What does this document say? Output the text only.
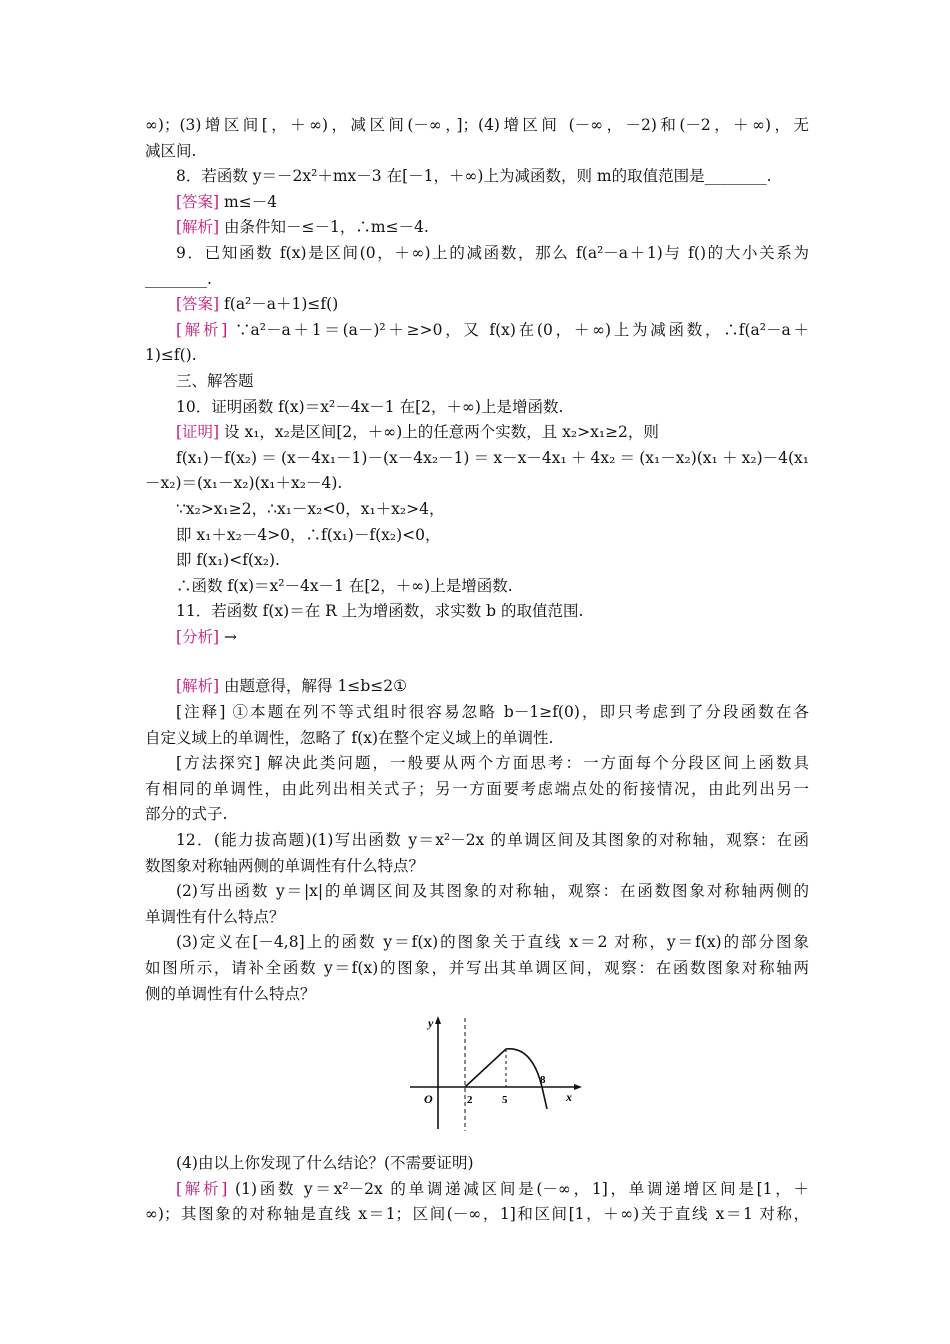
∞)；(3)增区间[，＋∞)，减区间(－∞，]；(4)增区间 (－∞，－2)和(－2，＋∞)，无
减区间.
8．若函数 y＝－2x²＋mx－3 在[－1，＋∞)上为减函数，则 m的取值范围是________.
[答案] m≤－4
[解析] 由条件知－≤－1，∴m≤－4.
9．已知函数 f(x)是区间(0，＋∞)上的减函数，那么 f(a²－a＋1)与 f()的大小关系为
________.
[答案] f(a²－a＋1)≤f()
[解析] ∵a²－a＋1＝(a－)²＋≥>0，又 f(x)在(0，＋∞)上为减函数，∴f(a²－a＋
1)≤f().
三、解答题
10．证明函数 f(x)＝x²－4x－1 在[2，＋∞)上是增函数.
[证明] 设 x₁，x₂是区间[2，＋∞)上的任意两个实数，且 x₂>x₁≥2，则
f(x₁)－f(x₂)＝(x－4x₁－1)－(x－4x₂－1)＝x－x－4x₁＋4x₂＝(x₁－x₂)(x₁＋x₂)－4(x₁
－x₂)＝(x₁－x₂)(x₁＋x₂－4).
∵x₂>x₁≥2，∴x₁－x₂<0，x₁＋x₂>4，
即 x₁＋x₂－4>0，∴f(x₁)－f(x₂)<0，
即 f(x₁)<f(x₂).
∴函数 f(x)＝x²－4x－1 在[2，＋∞)上是增函数.
11．若函数 f(x)＝在 R 上为增函数，求实数 b 的取值范围.
[分析] →
[解析] 由题意得，解得 1≤b≤2①
[注释] ①本题在列不等式组时很容易忽略 b－1≥f(0)，即只考虑到了分段函数在各
自定义域上的单调性，忽略了 f(x)在整个定义域上的单调性.
[方法探究] 解决此类问题，一般要从两个方面思考：一方面每个分段区间上函数具
有相同的单调性，由此列出相关式子；另一方面要考虑端点处的衔接情况，由此列出另一
部分的式子.
12．(能力拔高题)(1)写出函数 y＝x²－2x 的单调区间及其图象的对称轴，观察：在函
数图象对称轴两侧的单调性有什么特点？
(2)写出函数 y＝|x|的单调区间及其图象的对称轴，观察：在函数图象对称轴两侧的
单调性有什么特点？
(3)定义在[－4,8]上的函数 y＝f(x)的图象关于直线 x＝2 对称，y＝f(x)的部分图象
如图所示，请补全函数 y＝f(x)的图象，并写出其单调区间，观察：在函数图象对称轴两
侧的单调性有什么特点？
y
x
O	2	5
8
(4)由以上你发现了什么结论？(不需要证明)
[解析] (1)函数 y＝x²－2x 的单调递减区间是(－∞，1]，单调递增区间是[1，＋
∞)；其图象的对称轴是直线 x＝1；区间(－∞，1]和区间[1，＋∞)关于直线 x＝1 对称，
